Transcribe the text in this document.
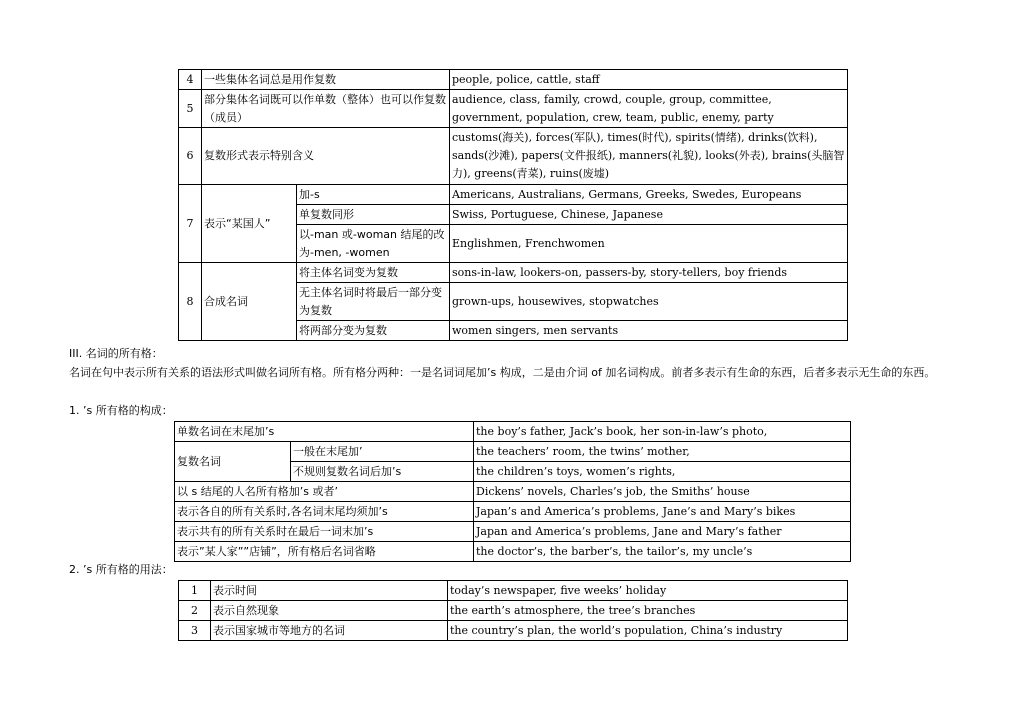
4	一些集体名词总是用作复数		people, police, cattle, staff
5	部分集体名词既可以作单数（整体）也可以作复数（成员）		audience, class, family, crowd, couple, group, committee, government, population, crew, team, public, enemy, party
6	复数形式表示特别含义		customs(海关), forces(军队), times(时代), spirits(情绪), drinks(饮料), sands(沙滩), papers(文件报纸), manners(礼貌), looks(外表), brains(头脑智力), greens(青菜), ruins(废墟)
7	表示“某国人”	加-s	Americans, Australians, Germans, Greeks, Swedes, Europeans
		单复数同形	Swiss, Portuguese, Chinese, Japanese
		以-man 或-woman 结尾的改为-men, -women	Englishmen, Frenchwomen
8	合成名词	将主体名词变为复数	sons-in-law, lookers-on, passers-by, story-tellers, boy friends
		无主体名词时将最后一部分变为复数	grown-ups, housewives, stopwatches
		将两部分变为复数	women singers, men servants
III. 名词的所有格：
名词在句中表示所有关系的语法形式叫做名词所有格。所有格分两种：一是名词词尾加’s 构成，二是由介词 of 加名词构成。前者多表示有生命的东西，后者多表示无生命的东西。
1. ’s 所有格的构成：
单数名词在末尾加’s		the boy’s father, Jack’s book, her son-in-law’s photo,
复数名词	一般在末尾加’	the teachers’ room, the twins’ mother,
	不规则复数名词后加’s	the children’s toys, women’s rights,
以 s 结尾的人名所有格加’s 或者’		Dickens’ novels, Charles’s job, the Smiths’ house
表示各自的所有关系时,各名词末尾均须加’s		Japan’s and America’s problems, Jane’s and Mary’s bikes
表示共有的所有关系时在最后一词末加’s		Japan and America’s problems, Jane and Mary’s father
表示”某人家””店铺”，所有格后名词省略		the doctor’s, the barber’s, the tailor’s, my uncle’s
2. ’s 所有格的用法：
1	表示时间	today’s newspaper, five weeks’ holiday
2	表示自然现象	the earth’s atmosphere, the tree’s branches
3	表示国家城市等地方的名词	the country’s plan, the world’s population, China’s industry
